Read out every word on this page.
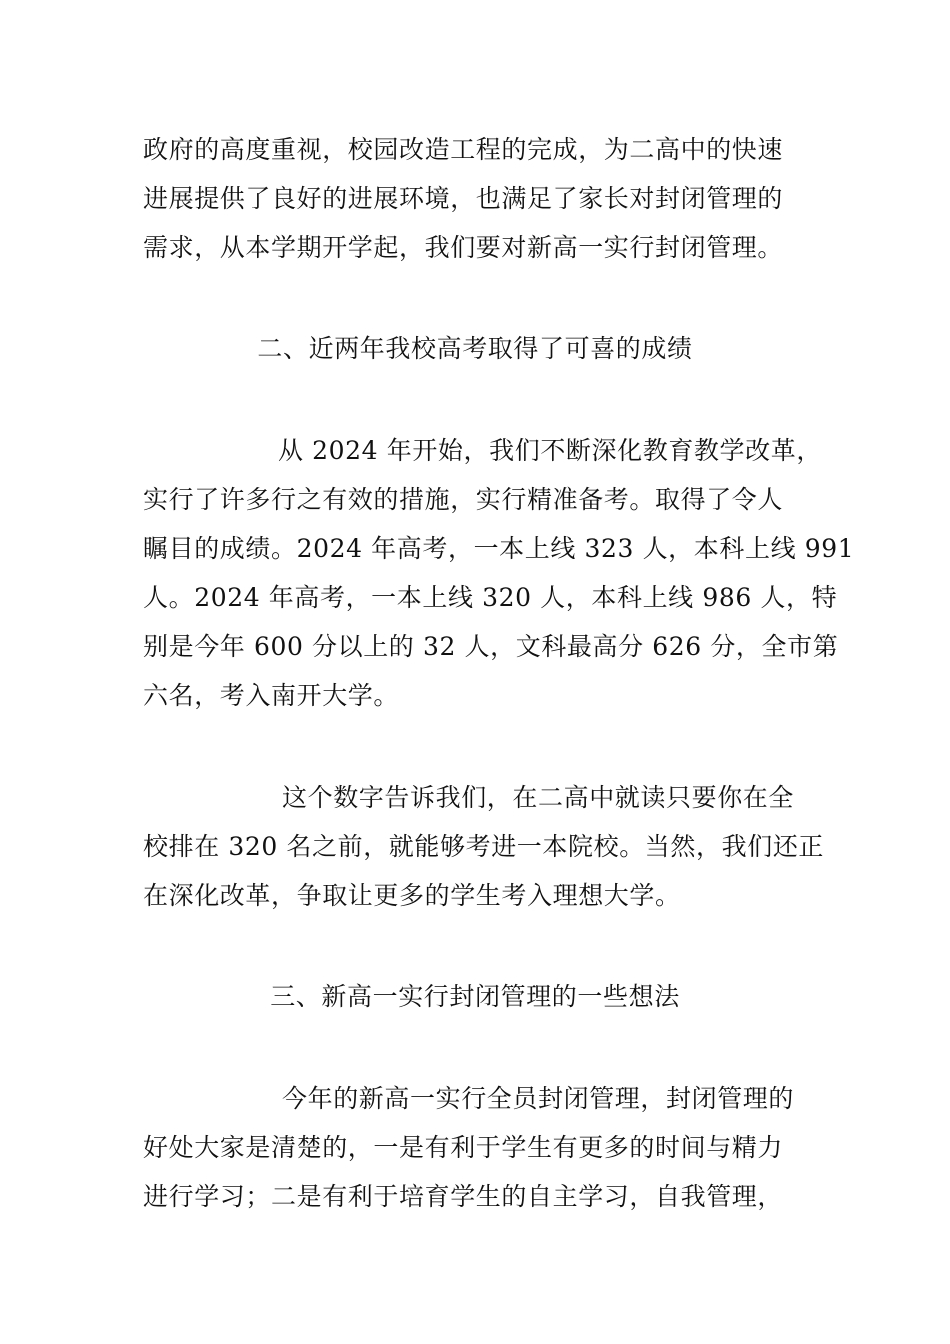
政府的高度重视，校园改造工程的完成，为二高中的快速
进展提供了良好的进展环境，也满足了家长对封闭管理的
需求，从本学期开学起，我们要对新高一实行封闭管理。
二、近两年我校高考取得了可喜的成绩
从 2024 年开始，我们不断深化教育教学改革，
实行了许多行之有效的措施，实行精准备考。取得了令人
瞩目的成绩。2024 年高考，一本上线 323 人，本科上线 991
人。2024 年高考，一本上线 320 人，本科上线 986 人，特
别是今年 600 分以上的 32 人，文科最高分 626 分，全市第
六名，考入南开大学。
这个数字告诉我们，在二高中就读只要你在全
校排在 320 名之前，就能够考进一本院校。当然，我们还正
在深化改革，争取让更多的学生考入理想大学。
三、新高一实行封闭管理的一些想法
今年的新高一实行全员封闭管理，封闭管理的
好处大家是清楚的，一是有利于学生有更多的时间与精力
进行学习；二是有利于培育学生的自主学习，自我管理，
